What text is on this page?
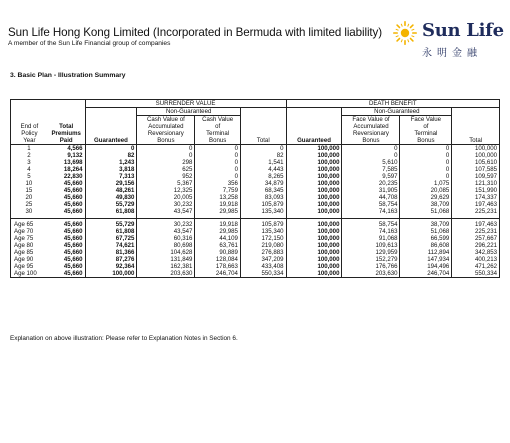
Sun Life Hong Kong Limited (Incorporated in Bermuda with limited liability)
A member of the Sun Life Financial group of companies
Sun Life
永明金融
3. Basic Plan - Illustration Summary
		SURRENDER VALUE				DEATH BENEFIT			
			Non-Guaranteed				Non-Guaranteed		
			Cash Value of	Cash Value			Face Value of	Face Value	
End of	Total		Accumulated	of			Accumulated	of	
Policy	Premiums		Reversionary	Terminal			Reversionary	Terminal	
Year	Paid	Guaranteed	Bonus	Bonus	Total	Guaranteed	Bonus	Bonus	Total
1	4,566	0	0	0	0	100,000	0	0	100,000
2	9,132	82	0	0	82	100,000	0	0	100,000
3	13,698	1,243	298	0	1,541	100,000	5,610	0	105,610
4	18,264	3,818	625	0	4,443	100,000	7,585	0	107,585
5	22,830	7,313	952	0	8,265	100,000	9,597	0	109,597
10	45,660	29,156	5,367	356	34,879	100,000	20,235	1,075	121,310
15	45,660	48,261	12,325	7,759	68,345	100,000	31,905	20,085	151,990
20	45,660	49,830	20,005	13,258	83,093	100,000	44,708	29,629	174,337
25	45,660	55,729	30,232	19,918	105,879	100,000	58,754	38,709	197,463
30	45,660	61,808	43,547	29,985	135,340	100,000	74,163	51,068	225,231
Age 65	45,660	55,729	30,232	19,918	105,879	100,000	58,754	38,709	197,463
Age 70	45,660	61,808	43,547	29,985	135,340	100,000	74,163	51,068	225,231
Age 75	45,660	67,725	60,316	44,109	172,150	100,000	91,068	66,599	257,667
Age 80	45,660	74,621	80,698	63,761	219,080	100,000	109,613	86,608	296,221
Age 85	45,660	81,366	104,628	90,889	276,883	100,000	129,959	112,894	342,853
Age 90	45,660	87,276	131,849	128,084	347,209	100,000	152,279	147,934	400,213
Age 95	45,660	92,364	162,381	178,663	433,408	100,000	176,766	194,496	471,262
Age 100	45,660	100,000	203,630	246,704	550,334	100,000	203,630	246,704	550,334
Explanation on above illustration: Please refer to Explanation Notes in Section 6.
